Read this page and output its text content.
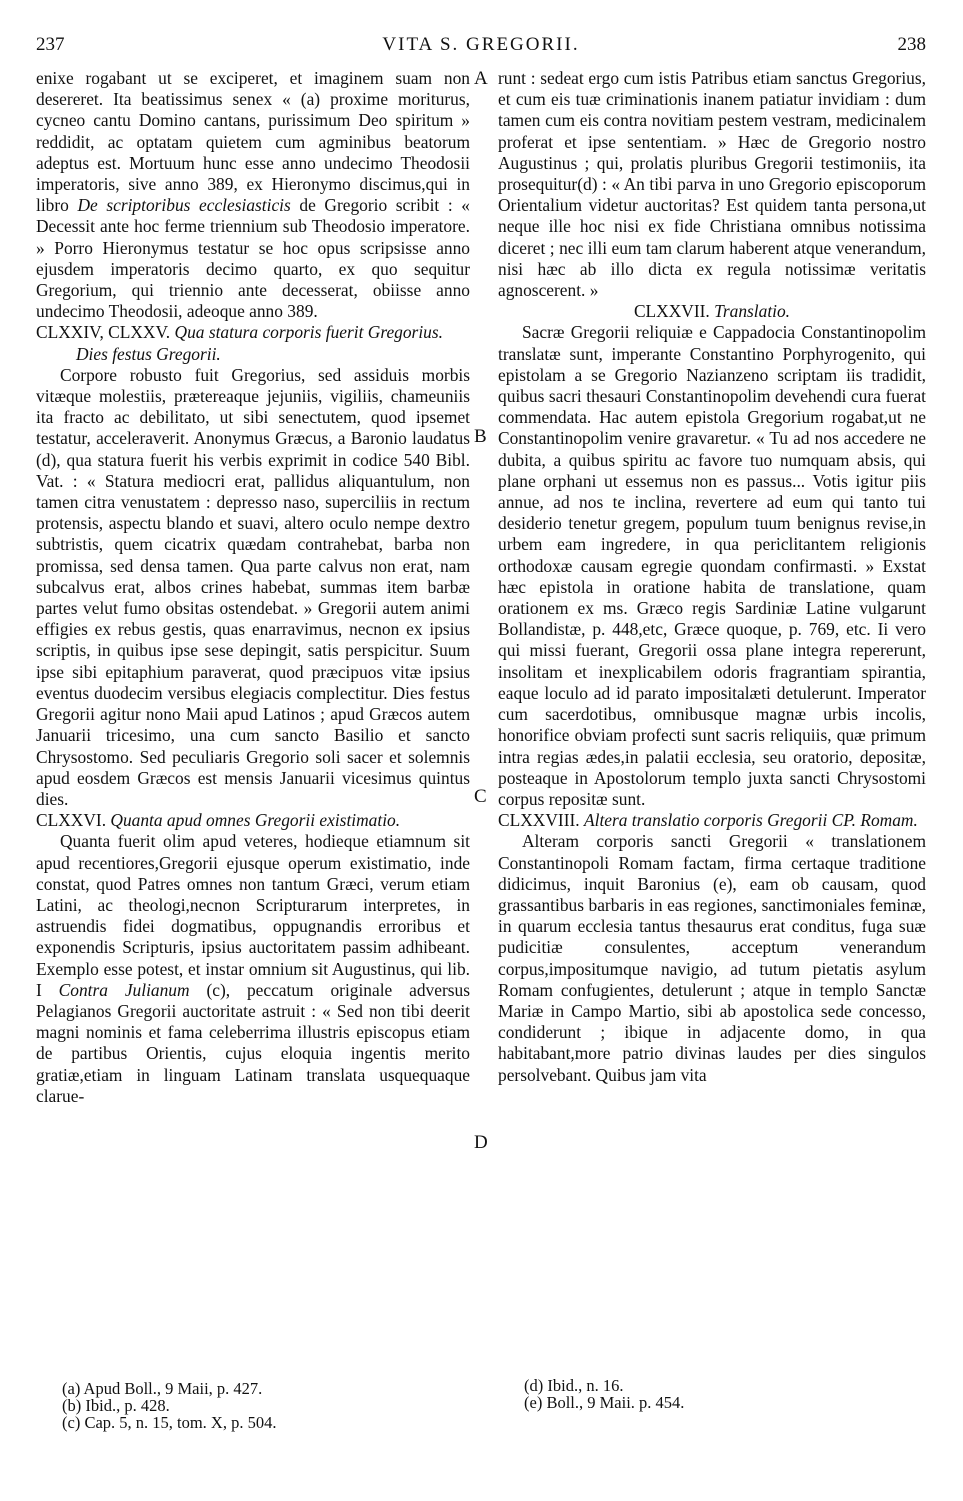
237	VITA S. GREGORII.	238
A
B
C
D

enixe rogabant ut se exciperet, et imaginem suam non desereret. Ita beatissimus senex « (a) proxime moriturus, cycneo cantu Domino cantans, purissimum Deo spiritum » reddidit, ac optatam quietem cum agminibus beatorum adeptus est. Mortuum hunc esse anno undecimo Theodosii imperatoris, sive anno 389, ex Hieronymo discimus,qui in libro De scriptoribus ecclesiasticis de Gregorio scribit : « Decessit ante hoc ferme triennium sub Theodosio imperatore. » Porro Hieronymus testatur se hoc opus scripsisse anno ejusdem imperatoris decimo quarto, ex quo sequitur Gregorium, qui triennio ante decesserat, obiisse anno undecimo Theodosii, adeoque anno 389.

CLXXIV, CLXXV. Qua statura corporis fuerit Gregorius. Dies festus Gregorii.

Corpore robusto fuit Gregorius, sed assiduis morbis vitæque molestiis, prætereaque jejuniis, vigiliis, chameuniis ita fracto ac debilitato, ut sibi senectutem, quod ipsemet testatur, acceleraverit. Anonymus Græcus, a Baronio laudatus (d), qua statura fuerit his verbis exprimit in codice 540 Bibl. Vat. : « Statura mediocri erat, pallidus aliquantulum, non tamen citra venustatem : depresso naso, superciliis in rectum protensis, aspectu blando et suavi, altero oculo nempe dextro subtristis, quem cicatrix quædam contrahebat, barba non promissa, sed densa tamen. Qua parte calvus non erat, nam subcalvus erat, albos crines habebat, summas item barbæ partes velut fumo obsitas ostendebat. » Gregorii autem animi effigies ex rebus gestis, quas enarravimus, necnon ex ipsius scriptis, in quibus ipse sese depingit, satis perspicitur. Suum ipse sibi epitaphium paraverat, quod præcipuos vitæ ipsius eventus duodecim versibus elegiacis complectitur. Dies festus Gregorii agitur nono Maii apud Latinos ; apud Græcos autem Januarii tricesimo, una cum sancto Basilio et sancto Chrysostomo. Sed peculiaris Gregorio soli sacer et solemnis apud eosdem Græcos est mensis Januarii vicesimus quintus dies.

CLXXVI. Quanta apud omnes Gregorii existimatio.

Quanta fuerit olim apud veteres, hodieque etiamnum sit apud recentiores,Gregorii ejusque operum existimatio, inde constat, quod Patres omnes non tantum Græci, verum etiam Latini, ac theologi,necnon Scripturarum interpretes, in astruendis fidei dogmatibus, oppugnandis erroribus et exponendis Scripturis, ipsius auctoritatem passim adhibeant. Exemplo esse potest, et instar omnium sit Augustinus, qui lib. I Contra Julianum (c), peccatum originale adversus Pelagianos Gregorii auctoritate astruit : « Sed non tibi deerit magni nominis et fama celeberrima illustris episcopus etiam de partibus Orientis, cujus eloquia ingentis merito gratiæ,etiam in linguam Latinam translata usquequaque clarue-

runt : sedeat ergo cum istis Patribus etiam sanctus Gregorius, et cum eis tuæ criminationis inanem patiatur invidiam : dum tamen cum eis contra novitiam pestem vestram, medicinalem proferat et ipse sententiam. » Hæc de Gregorio nostro Augustinus ; qui, prolatis pluribus Gregorii testimoniis, ita prosequitur(d) : « An tibi parva in uno Gregorio episcoporum Orientalium videtur auctoritas? Est quidem tanta persona,ut neque ille hoc nisi ex fide Christiana omnibus notissima diceret ; nec illi eum tam clarum haberent atque venerandum, nisi hæc ab illo dicta ex regula notissimæ veritatis agnoscerent. »

CLXXVII. Translatio.

Sacræ Gregorii reliquiæ e Cappadocia Constantinopolim translatæ sunt, imperante Constantino Porphyrogenito, qui epistolam a se Gregorio Nazianzeno scriptam iis tradidit, quibus sacri thesauri Constantinopolim devehendi cura fuerat commendata. Hac autem epistola Gregorium rogabat,ut ne Constantinopolim venire gravaretur. « Tu ad nos accedere ne dubita, a quibus spiritu ac favore tuo numquam absis, qui plane orphani ut essemus non es passus... Votis igitur piis annue, ad nos te inclina, revertere ad eum qui tanto tui desiderio tenetur gregem, populum tuum benignus revise,in urbem eam ingredere, in qua periclitantem religionis orthodoxæ causam egregie quondam confirmasti. » Exstat hæc epistola in oratione habita de translatione, quam orationem ex ms. Græco regis Sardiniæ Latine vulgarunt Bollandistæ, p. 448,etc, Græce quoque, p. 769, etc. Ii vero qui missi fuerant, Gregorii ossa plane integra repererunt, insolitam et inexplicabilem odoris fragrantiam spirantia, eaque loculo ad id parato impositalæti detulerunt. Imperator cum sacerdotibus, omnibusque magnæ urbis incolis, honorifice obviam profecti sunt sacris reliquiis, quæ primum intra regias ædes,in palatii ecclesia, seu oratorio, depositæ, posteaque in Apostolorum templo juxta sancti Chrysostomi corpus repositæ sunt.

CLXXVIII. Altera translatio corporis Gregorii CP. Romam.

Alteram corporis sancti Gregorii « translationem Constantinopoli Romam factam, firma certaque traditione didicimus, inquit Baronius (e), eam ob causam, quod grassantibus barbaris in eas regiones, sanctimoniales feminæ, in quarum ecclesia tantus thesaurus erat conditus, fuga suæ pudicitiæ consulentes, acceptum venerandum corpus,impositumque navigio, ad tutum pietatis asylum Romam confugientes, detulerunt ; atque in templo Sanctæ Mariæ in Campo Martio, sibi ab apostolica sede concesso, condiderunt ; ibique in adjacente domo, in qua habitabant,more patrio divinas laudes per dies singulos persolvebant. Quibus jam vita

(a) Apud Boll., 9 Maii, p. 427.
(b) Ibid., p. 428.
(c) Cap. 5, n. 15, tom. X, p. 504.
(d) Ibid., n. 16.
(e) Boll., 9 Maii. p. 454.
